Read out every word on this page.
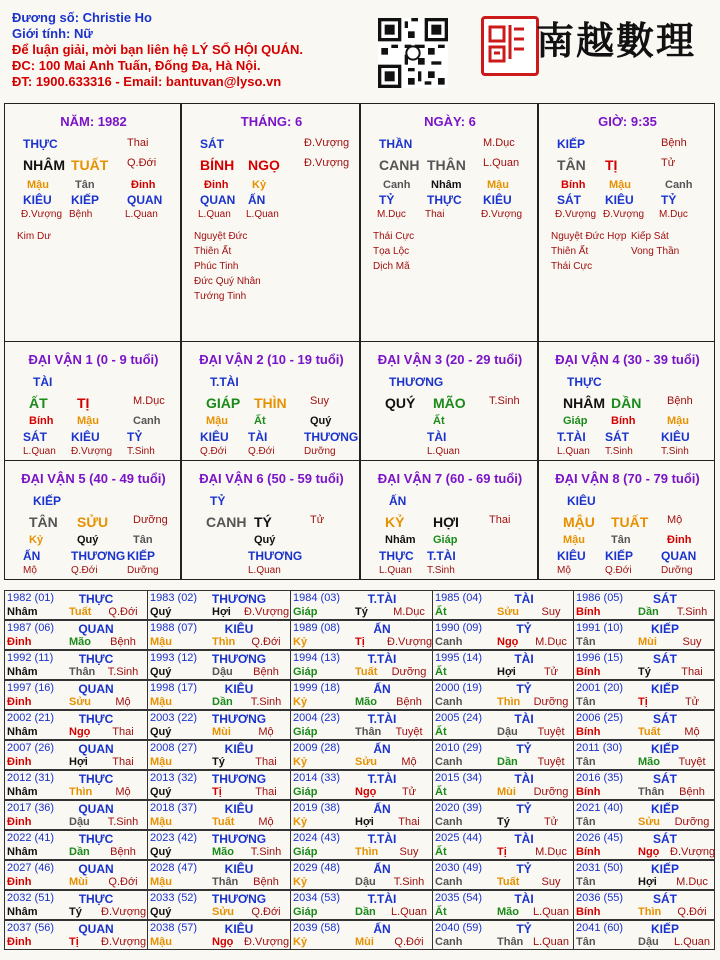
Đương số: Christie Ho
Giới tính: Nữ
Để luận giải, mời bạn liên hệ LÝ SỐ HỘI QUÁN.
ĐC: 100 Mai Anh Tuấn, Đống Đa, Hà Nội.
ĐT: 1900.633316 - Email: bantuvan@lyso.vn
南越數理
NĂM: 1982
THỰC	Thai
NHÂM TUẤT Q.Đới
Mậu Tân	Đinh
KIÊU KIẾP QUAN
Đ.Vượng Bệnh	L.Quan
Kim Dư
THÁNG: 6
SÁT	Đ.Vượng
BÍNH NGỌ Đ.Vượng
Đinh Kỷ
QUAN ẤN
L.Quan L.Quan
Nguyệt Đức
Thiên Ất
Phúc Tinh
Đức Quý Nhân
Tướng Tinh
NGÀY: 6
THẦN	M.Dục
CANH THÂN L.Quan
Canh Nhâm Mậu
TỶ	THỰC KIÊU
M.Dục Thai	Đ.Vượng
Thái Cực
Tọa Lộc
Dịch Mã
GIỜ: 9:35
KIẾP	Bệnh
TÂN TỊ	Tử
Bính Mậu	Canh
SÁT KIÊU TỶ
Đ.Vượng Đ.Vượng M.Dục
Nguyệt Đức Hợp Kiếp Sát
Thiên Ất	Vong Thần
Thái Cực
ĐẠI VẬN 1 (0 - 9 tuổi)
TÀI
ẤT TỊ	M.Dục
Bính Mậu	Canh
SÁT KIÊU TỶ
L.Quan Đ.Vượng T.Sinh
ĐẠI VẬN 2 (10 - 19 tuổi)
T.TÀI
GIÁP THÌN Suy
Mậu Ất	Quý
KIÊU TÀI	THƯƠNG
Q.Đới Q.Đới	Dưỡng
ĐẠI VẬN 3 (20 - 29 tuổi)
THƯƠNG
QUÝ MÃO T.Sinh
Ất
TÀI
L.Quan
ĐẠI VẬN 4 (30 - 39 tuổi)
THỰC
NHÂM DẦN Bệnh
Giáp Bính	Mậu
T.TÀI SÁT	KIÊU
L.Quan T.Sinh	T.Sinh
ĐẠI VẬN 5 (40 - 49 tuổi)
KIẾP
TÂN SỬU Dưỡng
Kỷ	Quý	Tân
ẤN	THƯƠNG KIẾP
Mộ	Q.Đới	Dưỡng
ĐẠI VẬN 6 (50 - 59 tuổi)
TỶ
CANH TÝ	Tử
Quý
THƯƠNG
L.Quan
ĐẠI VẬN 7 (60 - 69 tuổi)
ẤN
KỶ HỢI	Thai
Nhâm Giáp
THỰC T.TÀI
L.Quan T.Sinh
ĐẠI VẬN 8 (70 - 79 tuổi)
KIÊU
MẬU TUẤT Mộ
Mậu Tân	Đinh
KIÊU KIẾP QUAN
Mộ	Q.Đới	Dưỡng
1982 (01)	THỰC
Nhâm	Tuất	Q.Đới
1983 (02)	THƯƠNG
Quý	Hợi Đ.Vượng
1984 (03)	T.TÀI
Giáp	Tý	M.Dục
1985 (04)	TÀI
Ất	Sửu	Suy
1986 (05)	SÁT
Bính	Dần	T.Sinh
1987 (06)	QUAN
Đinh	Mão	Bệnh
1988 (07)	KIÊU
Mậu	Thìn	Q.Đới
1989 (08)	ẤN
Kỷ	Tị Đ.Vượng
1990 (09)	TỶ
Canh	Ngọ	M.Dục
1991 (10)	KIẾP
Tân	Mùi	Suy
1992 (11)	THỰC
Nhâm	Thân	T.Sinh
1993 (12)	THƯƠNG
Quý	Dậu	Bệnh
1994 (13)	T.TÀI
Giáp	Tuất	Dưỡng
1995 (14)	TÀI
Ất	Hợi	Tử
1996 (15)	SÁT
Bính	Tý	Thai
1997 (16)	QUAN
Đinh	Sửu	Mộ
1998 (17)	KIÊU
Mậu	Dần	T.Sinh
1999 (18)	ẤN
Kỷ	Mão	Bệnh
2000 (19)	TỶ
Canh	Thìn	Dưỡng
2001 (20)	KIẾP
Tân	Tị	Tử
2002 (21)	THỰC
Nhâm	Ngọ	Thai
2003 (22)	THƯƠNG
Quý	Mùi	Mộ
2004 (23)	T.TÀI
Giáp	Thân	Tuyệt
2005 (24)	TÀI
Ất	Dậu	Tuyệt
2006 (25)	SÁT
Bính	Tuất	Mộ
2007 (26)	QUAN
Đinh	Hợi	Thai
2008 (27)	KIÊU
Mậu	Tý	Thai
2009 (28)	ẤN
Kỷ	Sửu	Mộ
2010 (29)	TỶ
Canh	Dần	Tuyệt
2011 (30)	KIẾP
Tân	Mão	Tuyệt
2012 (31)	THỰC
Nhâm	Thìn	Mộ
2013 (32)	THƯƠNG
Quý	Tị	Thai
2014 (33)	T.TÀI
Giáp	Ngọ	Tử
2015 (34)	TÀI
Ất	Mùi	Dưỡng
2016 (35)	SÁT
Bính	Thân	Bệnh
2017 (36)	QUAN
Đinh	Dậu	T.Sinh
2018 (37)	KIÊU
Mậu	Tuất	Mộ
2019 (38)	ẤN
Kỷ	Hợi	Thai
2020 (39)	TỶ
Canh	Tý	Tử
2021 (40)	KIẾP
Tân	Sửu	Dưỡng
2022 (41)	THỰC
Nhâm	Dần	Bệnh
2023 (42)	THƯƠNG
Quý	Mão	T.Sinh
2024 (43)	T.TÀI
Giáp	Thìn	Suy
2025 (44)	TÀI
Ất	Tị	M.Dục
2026 (45)	SÁT
Bính	Ngọ Đ.Vượng
2027 (46)	QUAN
Đinh	Mùi	Q.Đới
2028 (47)	KIÊU
Mậu	Thân	Bệnh
2029 (48)	ẤN
Kỷ	Dậu	T.Sinh
2030 (49)	TỶ
Canh	Tuất	Suy
2031 (50)	KIẾP
Tân	Hợi	M.Dục
2032 (51)	THỰC
Nhâm	Tý Đ.Vượng
2033 (52)	THƯƠNG
Quý	Sửu	Q.Đới
2034 (53)	T.TÀI
Giáp	Dần	L.Quan
2035 (54)	TÀI
Ất	Mão	L.Quan
2036 (55)	SÁT
Bính	Thìn	Q.Đới
2037 (56)	QUAN
Đinh	Tị Đ.Vượng
2038 (57)	KIÊU
Mậu	Ngọ Đ.Vượng
2039 (58)	ẤN
Kỷ	Mùi	Q.Đới
2040 (59)	TỶ
Canh	Thân L.Quan
2041 (60)	KIẾP
Tân	Dậu	L.Quan
